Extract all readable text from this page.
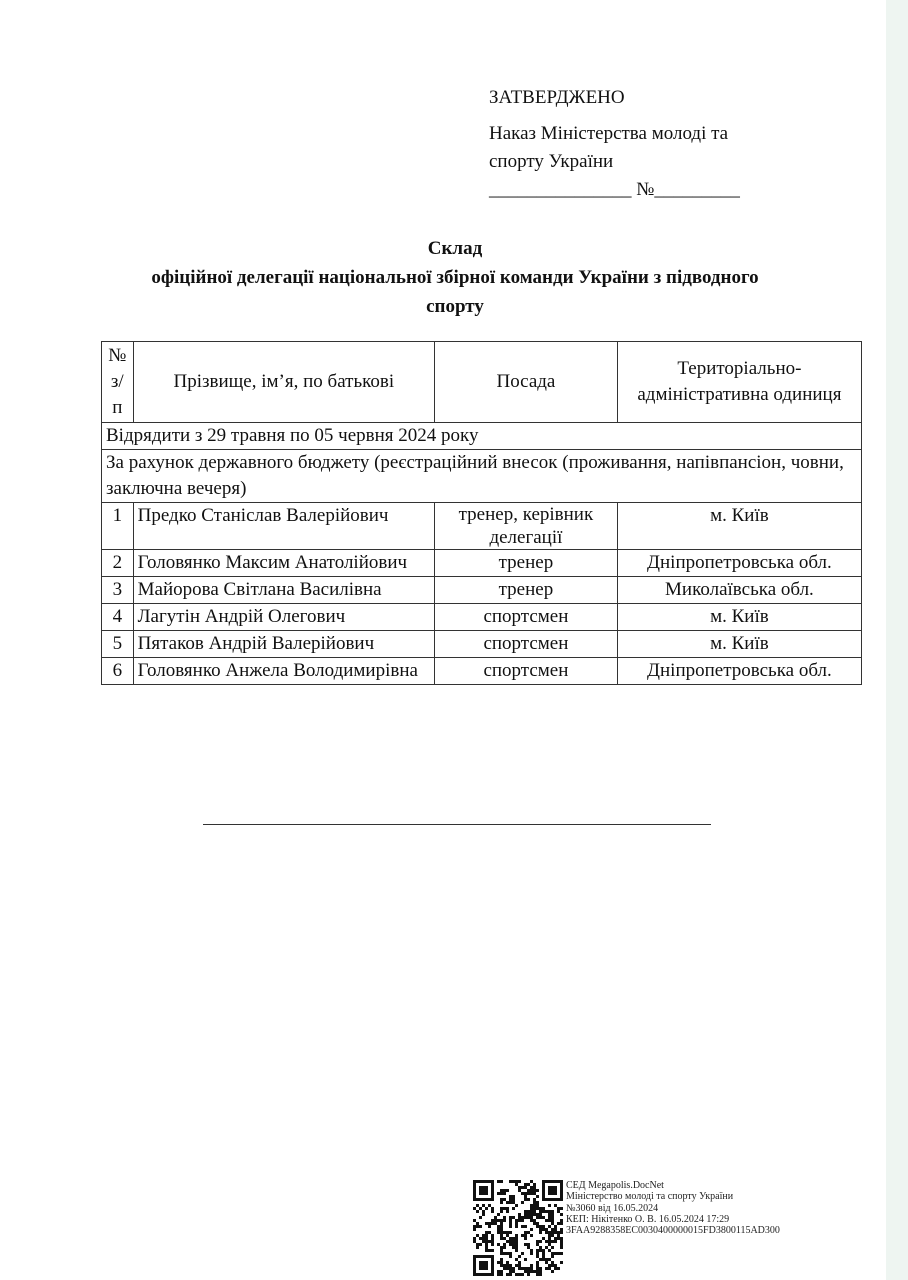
ЗАТВЕРДЖЕНО
Наказ Міністерства молоді та
спорту України
_______________ №_________
Склад
офіційної делегації національної збірної команди України з підводного
спорту
№ з/п	Прізвище, ім’я, по батькові	Посада	Територіально-адміністративна одиниця
Відрядити з 29 травня по 05 червня 2024 року			
За рахунок державного бюджету (реєстраційний внесок (проживання, напівпансіон, човни, заключна вечеря)			
1	Предко Станіслав Валерійович	тренер, керівник делегації	м. Київ
2	Головянко Максим Анатолійович	тренер	Дніпропетровська обл.
3	Майорова Світлана Василівна	тренер	Миколаївська обл.
4	Лагутін Андрій Олегович	спортсмен	м. Київ
5	Пятаков Андрій Валерійович	спортсмен	м. Київ
6	Головянко Анжела Володимирівна	спортсмен	Дніпропетровська обл.
СЕД Megapolis.DocNet
Міністерство молоді та спорту України
№3060 від 16.05.2024
КЕП: Нікітенко О. В. 16.05.2024 17:29
3FAA9288358EC0030400000015FD3800115AD300
